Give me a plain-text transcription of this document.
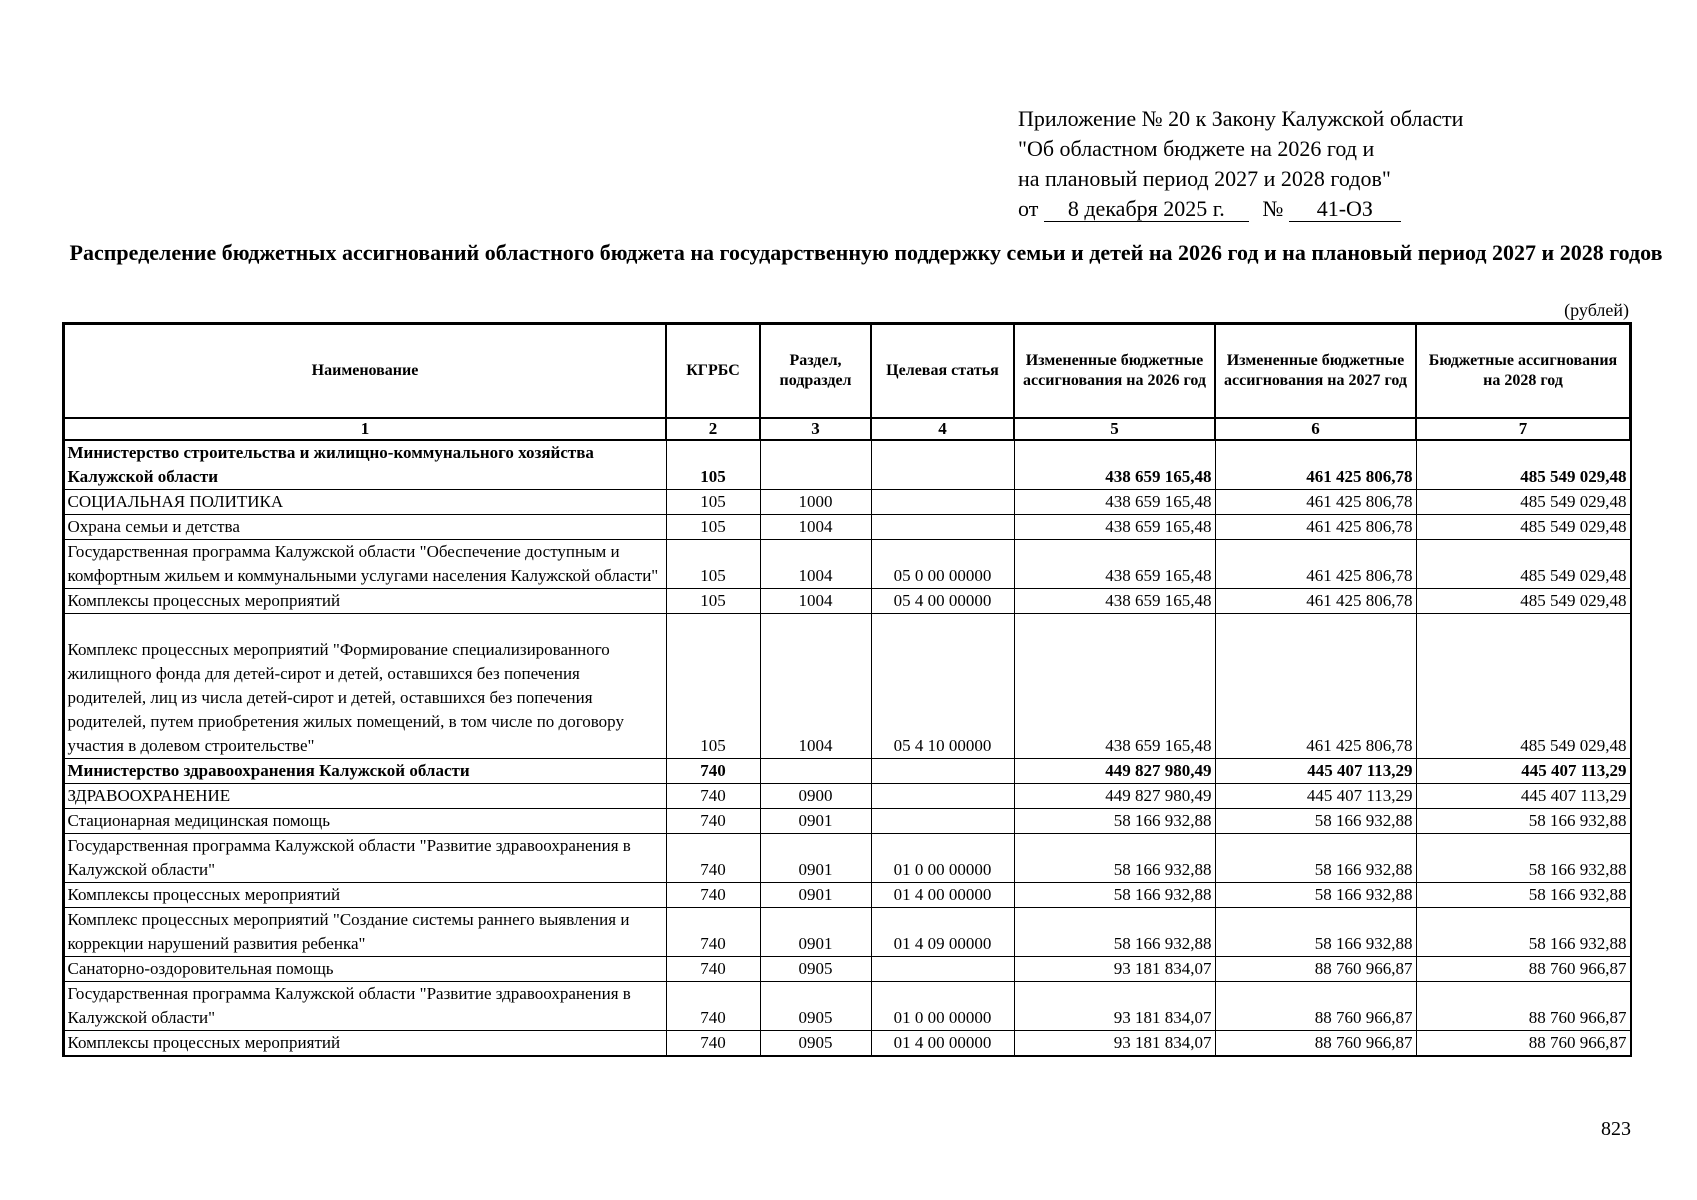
Приложение № 20 к Закону Калужской области
"Об областном бюджете на 2026 год и
на плановый период 2027 и 2028 годов"
от 8 декабря 2025 г. № 41-ОЗ
Распределение бюджетных ассигнований областного бюджета на государственную поддержку семьи и детей на 2026 год и на плановый период 2027 и 2028 годов
(рублей)
Наименование	КГРБС	Раздел, подраздел	Целевая статья	Измененные бюджетные ассигнования на 2026 год	Измененные бюджетные ассигнования на 2027 год	Бюджетные ассигнования на 2028 год
1	2	3	4	5	6	7
Министерство строительства и жилищно-коммунального хозяйства Калужской области	105			438 659 165,48	461 425 806,78	485 549 029,48
СОЦИАЛЬНАЯ ПОЛИТИКА	105	1000		438 659 165,48	461 425 806,78	485 549 029,48
Охрана семьи и детства	105	1004		438 659 165,48	461 425 806,78	485 549 029,48
Государственная программа Калужской области "Обеспечение доступным и комфортным жильем и коммунальными услугами населения Калужской области"	105	1004	05 0 00 00000	438 659 165,48	461 425 806,78	485 549 029,48
Комплексы процессных мероприятий	105	1004	05 4 00 00000	438 659 165,48	461 425 806,78	485 549 029,48
Комплекс процессных мероприятий "Формирование специализированного жилищного фонда для детей-сирот и детей, оставшихся без попечения родителей, лиц из числа детей-сирот и детей, оставшихся без попечения родителей, путем приобретения жилых помещений, в том числе по договору участия в долевом строительстве"	105	1004	05 4 10 00000	438 659 165,48	461 425 806,78	485 549 029,48
Министерство здравоохранения Калужской области	740			449 827 980,49	445 407 113,29	445 407 113,29
ЗДРАВООХРАНЕНИЕ	740	0900		449 827 980,49	445 407 113,29	445 407 113,29
Стационарная медицинская помощь	740	0901		58 166 932,88	58 166 932,88	58 166 932,88
Государственная программа Калужской области "Развитие здравоохранения в Калужской области"	740	0901	01 0 00 00000	58 166 932,88	58 166 932,88	58 166 932,88
Комплексы процессных мероприятий	740	0901	01 4 00 00000	58 166 932,88	58 166 932,88	58 166 932,88
Комплекс процессных мероприятий "Создание системы раннего выявления и коррекции нарушений развития ребенка"	740	0901	01 4 09 00000	58 166 932,88	58 166 932,88	58 166 932,88
Санаторно-оздоровительная помощь	740	0905		93 181 834,07	88 760 966,87	88 760 966,87
Государственная программа Калужской области "Развитие здравоохранения в Калужской области"	740	0905	01 0 00 00000	93 181 834,07	88 760 966,87	88 760 966,87
Комплексы процессных мероприятий	740	0905	01 4 00 00000	93 181 834,07	88 760 966,87	88 760 966,87
823
